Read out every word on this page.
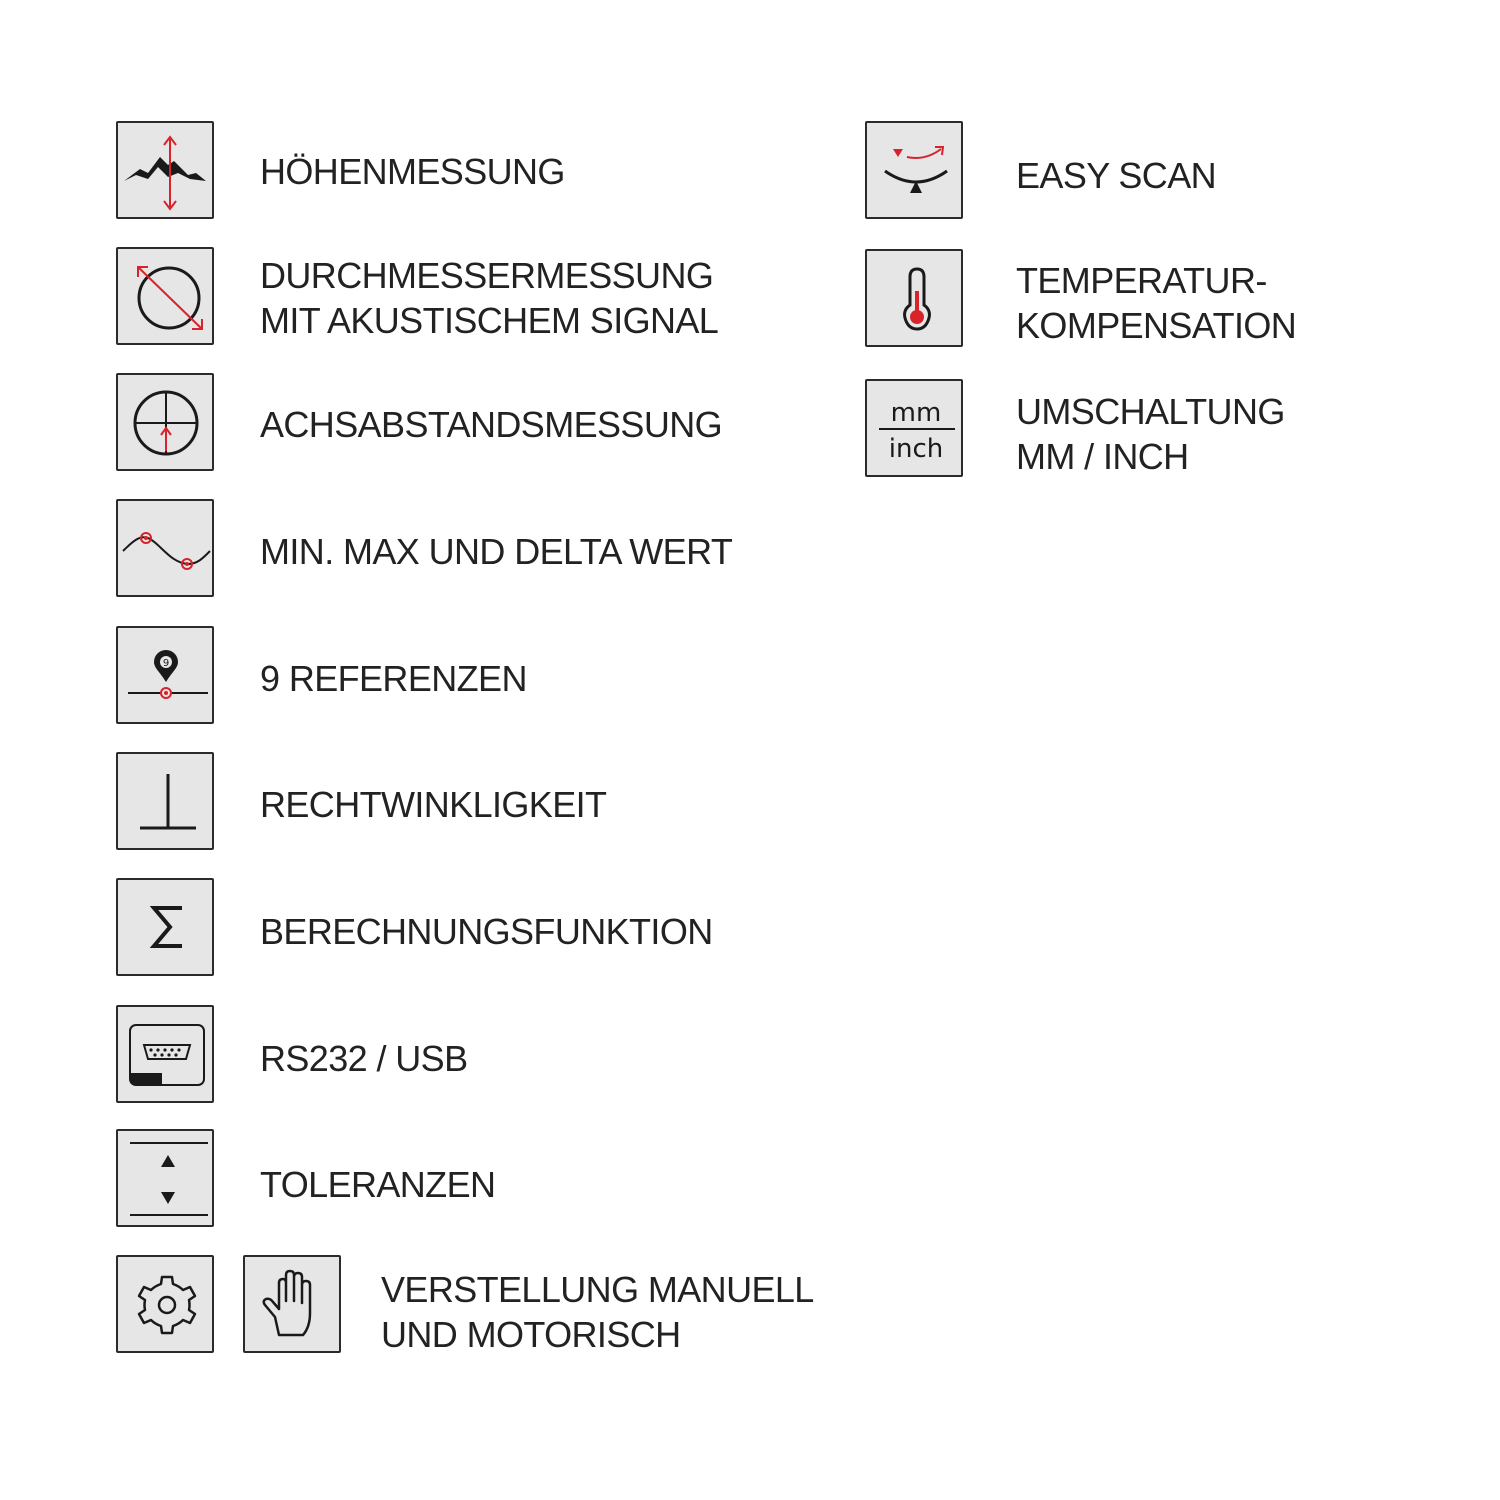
HÖHENMESSUNG
DURCHMESSERMESSUNG
MIT AKUSTISCHEM SIGNAL
ACHSABSTANDSMESSUNG
MIN. MAX UND DELTA WERT
9	9 REFERENZEN
RECHTWINKLIGKEIT
BERECHNUNGSFUNKTION
RS232 / USB
TOLERANZEN
VERSTELLUNG MANUELL
UND MOTORISCH
EASY SCAN
TEMPERATUR-
KOMPENSATION
mm
inch
UMSCHALTUNG
MM / INCH
